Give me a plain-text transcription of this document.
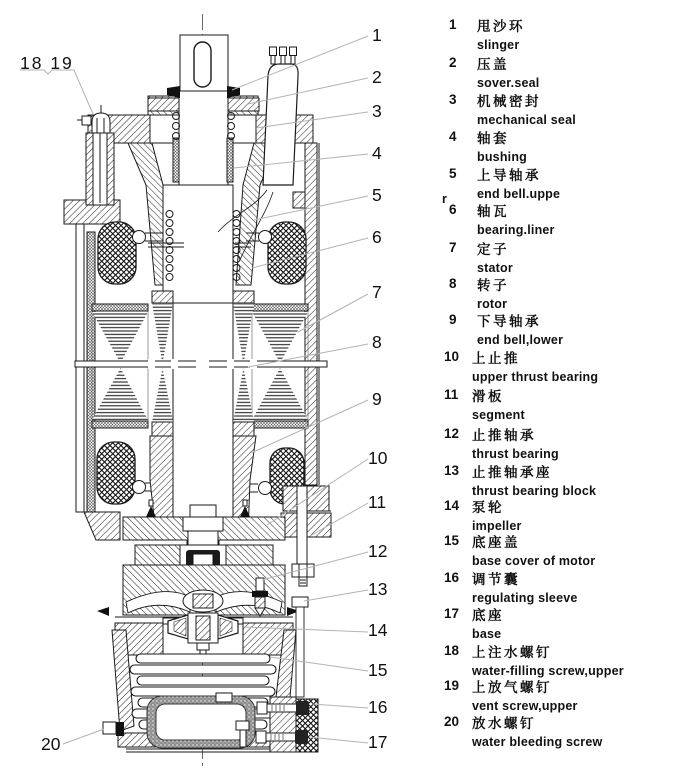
1
2
3
4
5
6
7
8
9
10
11
12
13
14
15
16
17
18 19
20
1	甩沙环
slinger
2	压盖
sover.seal
3	机械密封
mechanical seal
4	轴套
bushing
5	上导轴承
end bell.uppe
r
6	轴瓦
bearing.liner
7	定子
stator
8	转子
rotor
9	下导轴承
end bell,lower
10 上止推
upper thrust bearing
11	滑板
segment
12 止推轴承
thrust bearing
13 止推轴承座
thrust bearing block
14 泵轮
impeller
15 底座盖
base cover of motor
16 调节囊
regulating sleeve
17 底座
base
18 上注水螺钉
water-filling screw,upper
19 上放气螺钉
vent screw,upper
20 放水螺钉
water bleeding screw
